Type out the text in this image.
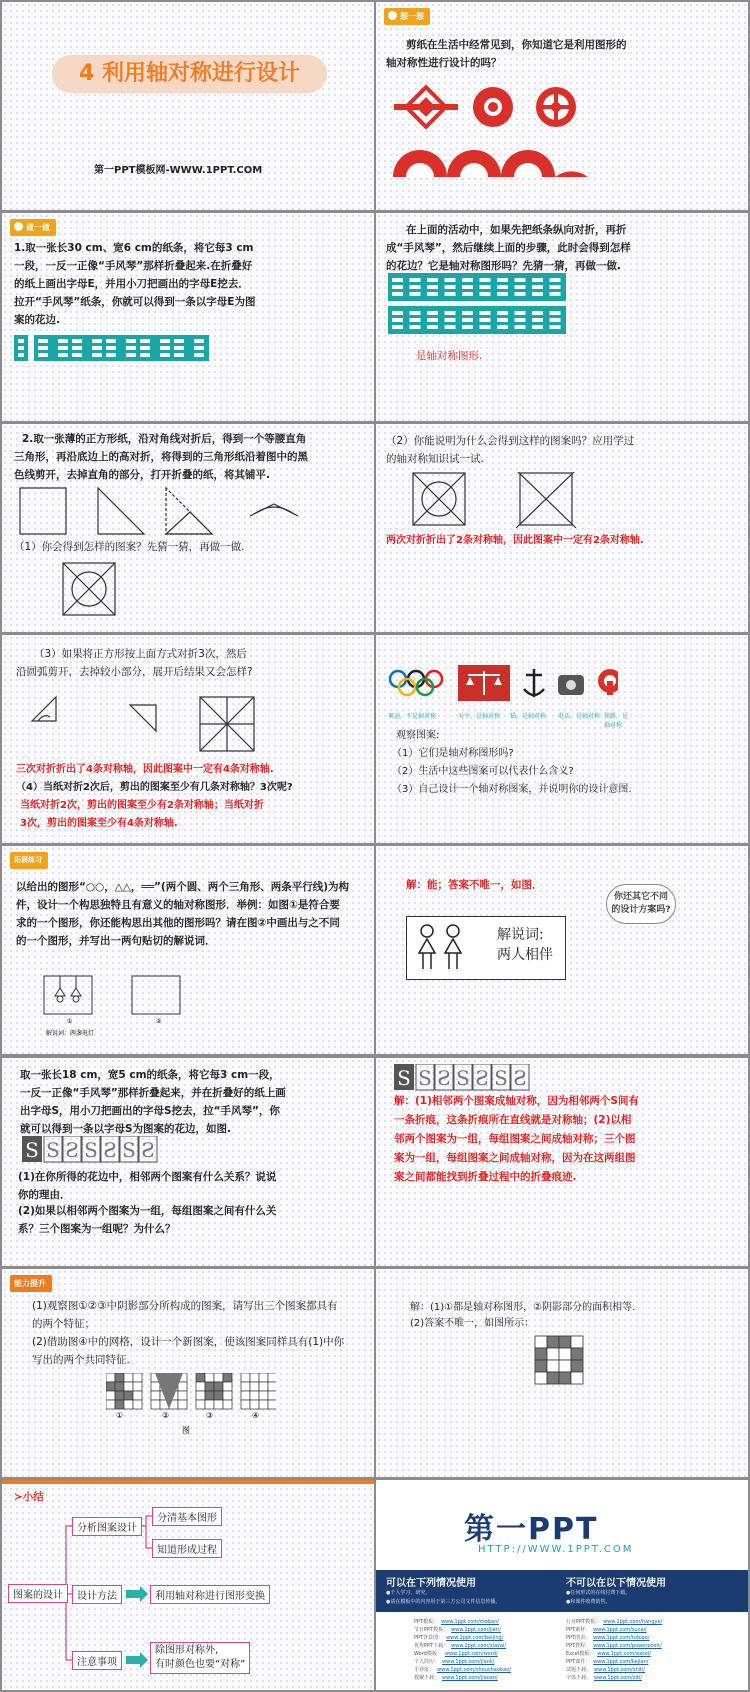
4 利用轴对称进行设计
第一PPT模板网-WWW.1PPT.COM
想一想
剪纸在生活中经常见到，你知道它是利用图形的轴对称性进行设计的吗？
做一做
1.取一张长30 cm、宽6 cm的纸条，将它每3 cm一段，一反一正像“手风琴”那样折叠起来.在折叠好的纸上画出字母E，并用小刀把画出的字母E挖去．拉开“手风琴”纸条，你就可以得到一条以字母E为图案的花边.
在上面的活动中，如果先把纸条纵向对折，再折成“手风琴”，然后继续上面的步骤，此时会得到怎样的花边？它是轴对称图形吗？先猜一猜，再做一做.
是轴对称图形.
2.取一张薄的正方形纸，沿对角线对折后，得到一个等腰直角三角形，再沿底边上的高对折，将得到的三角形纸沿着图中的黑色线剪开，去掉直角的部分，打开折叠的纸，将其铺平.
（1）你会得到怎样的图案？先猜一猜，再做一做.
（2）你能说明为什么会得到这样的图案吗？应用学过的轴对称知识试一试.
两次对折折出了2条对称轴，因此图案中一定有2条对称轴.
（3）如果将正方形按上面方式对折3次，然后沿圆弧剪开，去掉较小部分，展开后结果又会怎样?
三次对折折出了4条对称轴，因此图案中一定有4条对称轴.
（4）当纸对折2次后，剪出的图案至少有几条对称轴？3次呢?
当纸对折2次，剪出的图案至少有2条对称轴；当纸对折3次，剪出的图案至少有4条对称轴.
奥运，不是轴对称	天平，是轴对称 锚，是轴对称 电话，是轴对称 铁路，是轴对称
观察图案:
（1）它们是轴对称图形吗?
（2）生活中这些图案可以代表什么含义?
（3）自己设计一个轴对称图案，并说明你的设计意图.
拓展练习
以给出的图形“○○，△△，══”(两个圆、两个三角形、两条平行线)为构件，设计一个构思独特且有意义的轴对称图形．举例：如图①是符合要求的一个图形，你还能构思出其他的图形吗？请在图②中画出与之不同的一个图形，并写出一两句贴切的解说词．
①	②
解说词：两盏电灯
解：能；答案不唯一，如图．
你还其它不同的设计方案吗?
解说词:
两人相伴
取一张长18 cm，宽5 cm的纸条，将它每3 cm一段，一反一正像“手风琴”那样折叠起来，并在折叠好的纸上画出字母S，用小刀把画出的字母S挖去，拉“手风琴”，你就可以得到一条以字母S为图案的花边，如图.
S S S S S S
S
(1)在你所得的花边中，相邻两个图案有什么关系？说说你的理由．
(2)如果以相邻两个图案为一组，每组图案之间有什么关系？三个图案为一组呢？为什么？
S S S S S S
S
解：(1)相邻两个图案成轴对称，因为相邻两个S间有一条折痕，这条折痕所在直线就是对称轴；(2)以相邻两个图案为一组，每组图案之间成轴对称；三个图案为一组，每组图案之间成轴对称，因为在这两组图案之间都能找到折叠过程中的折叠痕迹.
能力提升
(1)观察图①②③中阴影部分所构成的图案，请写出三个图案都具有的两个特征；
(2)借助图④中的网格，设计一个新图案，使该图案同样具有(1)中你写出的两个共同特征.
①	②	③	④
图
解：(1)①都是轴对称图形，②阴影部分的面积相等.
(2)答案不唯一，如图所示：
≻小结
图案的设计
分析图案设计
分清基本图形
知道形成过程
设计方法	利用轴对称进行图形变换
注意事项
除图形对称外,
有时颜色也要“对称”
第一PPT
HTTP://WWW.1PPT.COM
可以在下列情况使用
●个人学习、研究。
●请在模板中的内容用于第三方公司文件信息传播。
不可以在以下情况使用
●任何形式的在线付费下载。
●和课件收费销售。
PPT模板： www.1ppt.com/moban/
节日PPT模板： www.1ppt.com/jieri/
PPT背景图： www.1ppt.com/beijing/
优秀PPT下载： www.1ppt.com/xiazai/
Word模板： www.1ppt.com/word/
个人简历： www.1ppt.com/jianli/
手抄报： www.1ppt.com/shouchaobao/
教案下载： www.1ppt.com/jiaoan/
行业PPT模板： www.1ppt.com/hangye/
PPT素材： www.1ppt.com/sucai/
PPT图表： www.1ppt.com/tubiao/
PPT教程： www.1ppt.com/powerpoint/
Excel模板： www.1ppt.com/excel/
PPT课件： www.1ppt.com/kejian/
试题下载： www.1ppt.com/shiti/
字体下载： www.1ppt.com/ziti/
